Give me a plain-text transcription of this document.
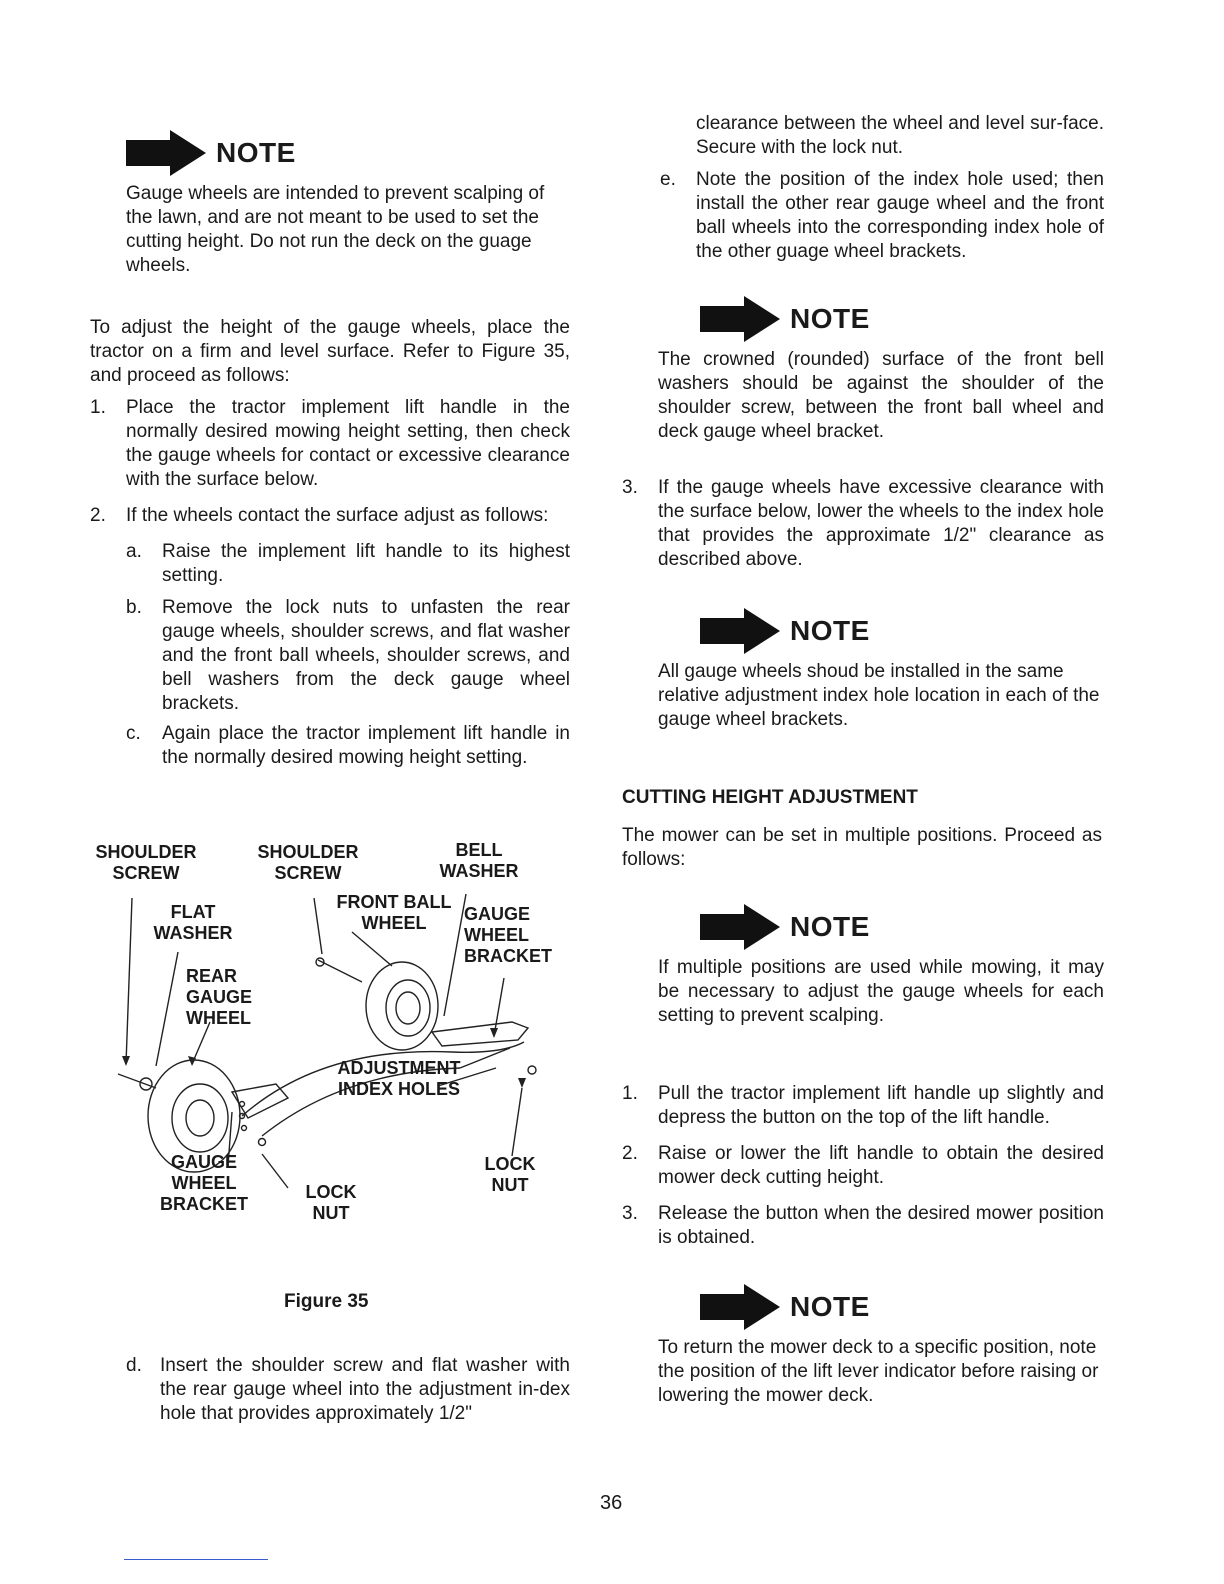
NOTE
Gauge wheels are intended to prevent scalping of the lawn, and are not meant to be used to set the cutting height. Do not run the deck on the guage wheels.
To adjust the height of the gauge wheels, place the tractor on a firm and level surface. Refer to Figure 35, and proceed as follows:
1. Place the tractor implement lift handle in the normally desired mowing height setting, then check the gauge wheels for contact or excessive clearance with the surface below.
2. If the wheels contact the surface adjust as follows:
a. Raise the implement lift handle to its highest setting.
b. Remove the lock nuts to unfasten the rear gauge wheels, shoulder screws, and flat washer and the front ball wheels, shoulder screws, and bell washers from the deck gauge wheel brackets.
c. Again place the tractor implement lift handle in the normally desired mowing height setting.
Figure 35
d. Insert the shoulder screw and flat washer with the rear gauge wheel into the adjustment in-dex hole that provides approximately 1/2"
SHOULDER SCREW
SHOULDER SCREW
BELL WASHER
FLAT WASHER
FRONT BALL WHEEL	GAUGE WHEEL BRACKET
REAR GAUGE WHEEL
ADJUSTMENT INDEX HOLES
GAUGE WHEEL BRACKET
LOCK NUT
LOCK NUT
clearance between the wheel and level sur-face. Secure with the lock nut.
e. Note the position of the index hole used; then install the other rear gauge wheel and the front ball wheels into the corresponding index hole of the other guage wheel brackets.
NOTE
The crowned (rounded) surface of the front bell washers should be against the shoulder of the shoulder screw, between the front ball wheel and deck gauge wheel bracket.
3. If the gauge wheels have excessive clearance with the surface below, lower the wheels to the index hole that provides the approximate 1/2" clearance as described above.
NOTE
All gauge wheels shoud be installed in the same relative adjustment index hole location in each of the gauge wheel brackets.
CUTTING HEIGHT ADJUSTMENT
The mower can be set in multiple positions. Proceed as follows:
NOTE
If multiple positions are used while mowing, it may be necessary to adjust the gauge wheels for each setting to prevent scalping.
1. Pull the tractor implement lift handle up slightly and depress the button on the top of the lift handle.
2. Raise or lower the lift handle to obtain the desired mower deck cutting height.
3. Release the button when the desired mower position is obtained.
NOTE
To return the mower deck to a specific position, note the position of the lift lever indicator before raising or lowering the mower deck.
36
